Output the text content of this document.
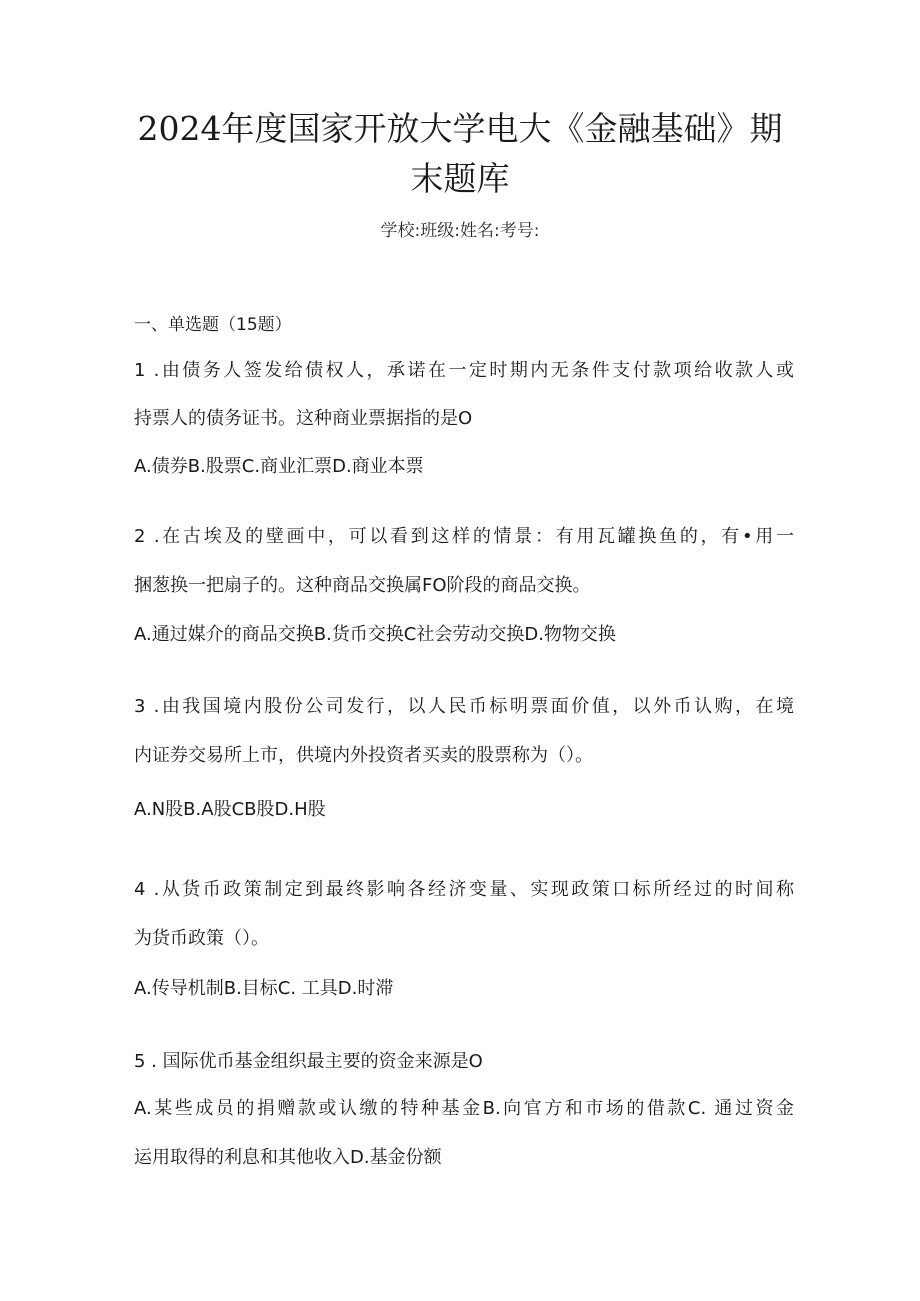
2024年度国家开放大学电大《金融基础》期
末题库
学校:班级:姓名:考号:
一、单选题（15题）
1 .由债务人签发给债权人，承诺在一定时期内无条件支付款项给收款人或
持票人的债务证书。这种商业票据指的是O
A.债券B.股票C.商业汇票D.商业本票
2 .在古埃及的壁画中，可以看到这样的情景：有用瓦罐换鱼的，有•用一
捆葱换一把扇子的。这种商品交换属FO阶段的商品交换。
A.通过媒介的商品交换B.货币交换C社会劳动交换D.物物交换
3 .由我国境内股份公司发行，以人民币标明票面价值，以外币认购，在境
内证券交易所上市，供境内外投资者买卖的股票称为（）。
A.N股B.A股CB股D.H股
4 .从货币政策制定到最终影响各经济变量、实现政策口标所经过的时间称
为货币政策（）。
A.传导机制B.目标C. 工具D.时滞
5 . 国际优币基金组织最主要的资金来源是O
A.某些成员的捐赠款或认缴的特种基金B.向官方和市场的借款C. 通过资金
运用取得的利息和其他收入D.基金份额
